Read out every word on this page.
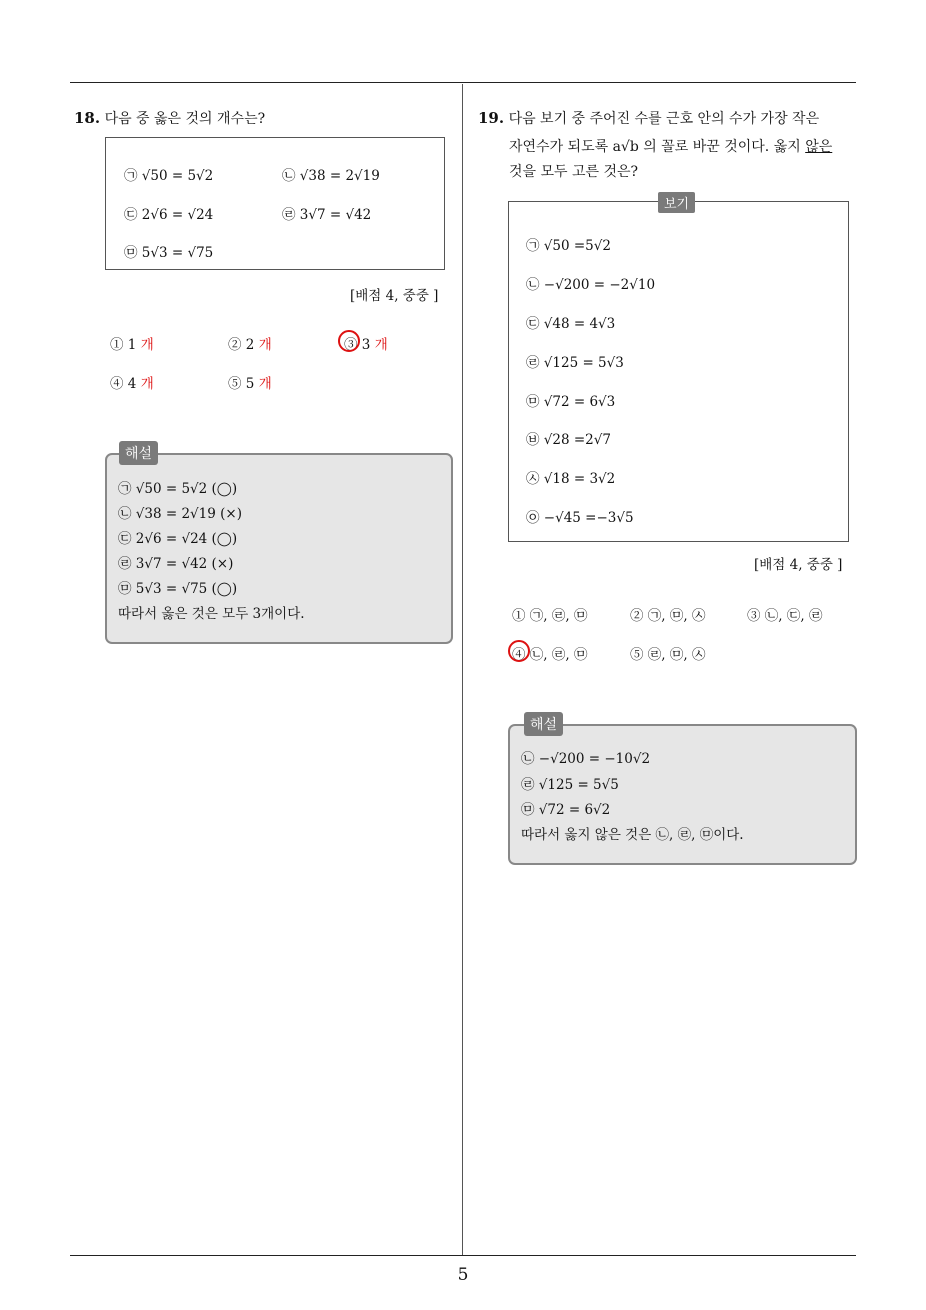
18. 다음 중 옳은 것의 개수는?
㉠ √50 = 5√2	㉡ √38 = 2√19
㉢ 2√6 = √24	㉣ 3√7 = √42
㉤ 5√3 = √75
[배점 4, 중중 ]
① 1 개	② 2 개	③ 3 개
④ 4 개	⑤ 5 개
㉠ √50 = 5√2 (◯)
㉡ √38 = 2√19 (×)
㉢ 2√6 = √24 (◯)
㉣ 3√7 = √42 (×)
㉤ 5√3 = √75 (◯)
따라서 옳은 것은 모두 3개이다.
해설
19. 다음 보기 중 주어진 수를 근호 안의 수가 가장 작은
자연수가 되도록 a√b 의 꼴로 바꾼 것이다. 옳지 않은
것을 모두 고른 것은?
㉠ √50 =5√2
㉡ −√200 = −2√10
㉢ √48 = 4√3
㉣ √125 = 5√3
㉤ √72 = 6√3
㉥ √28 =2√7
㉦ √18 = 3√2
㉧ −√45 =−3√5
보기
[배점 4, 중중 ]
① ㉠, ㉣, ㉤	② ㉠, ㉤, ㉦	③ ㉡, ㉢, ㉣
④ ㉡, ㉣, ㉤	⑤ ㉣, ㉤, ㉦
㉡ −√200 = −10√2
㉣ √125 = 5√5
㉤ √72 = 6√2
따라서 옳지 않은 것은 ㉡, ㉣, ㉤이다.
해설
5
